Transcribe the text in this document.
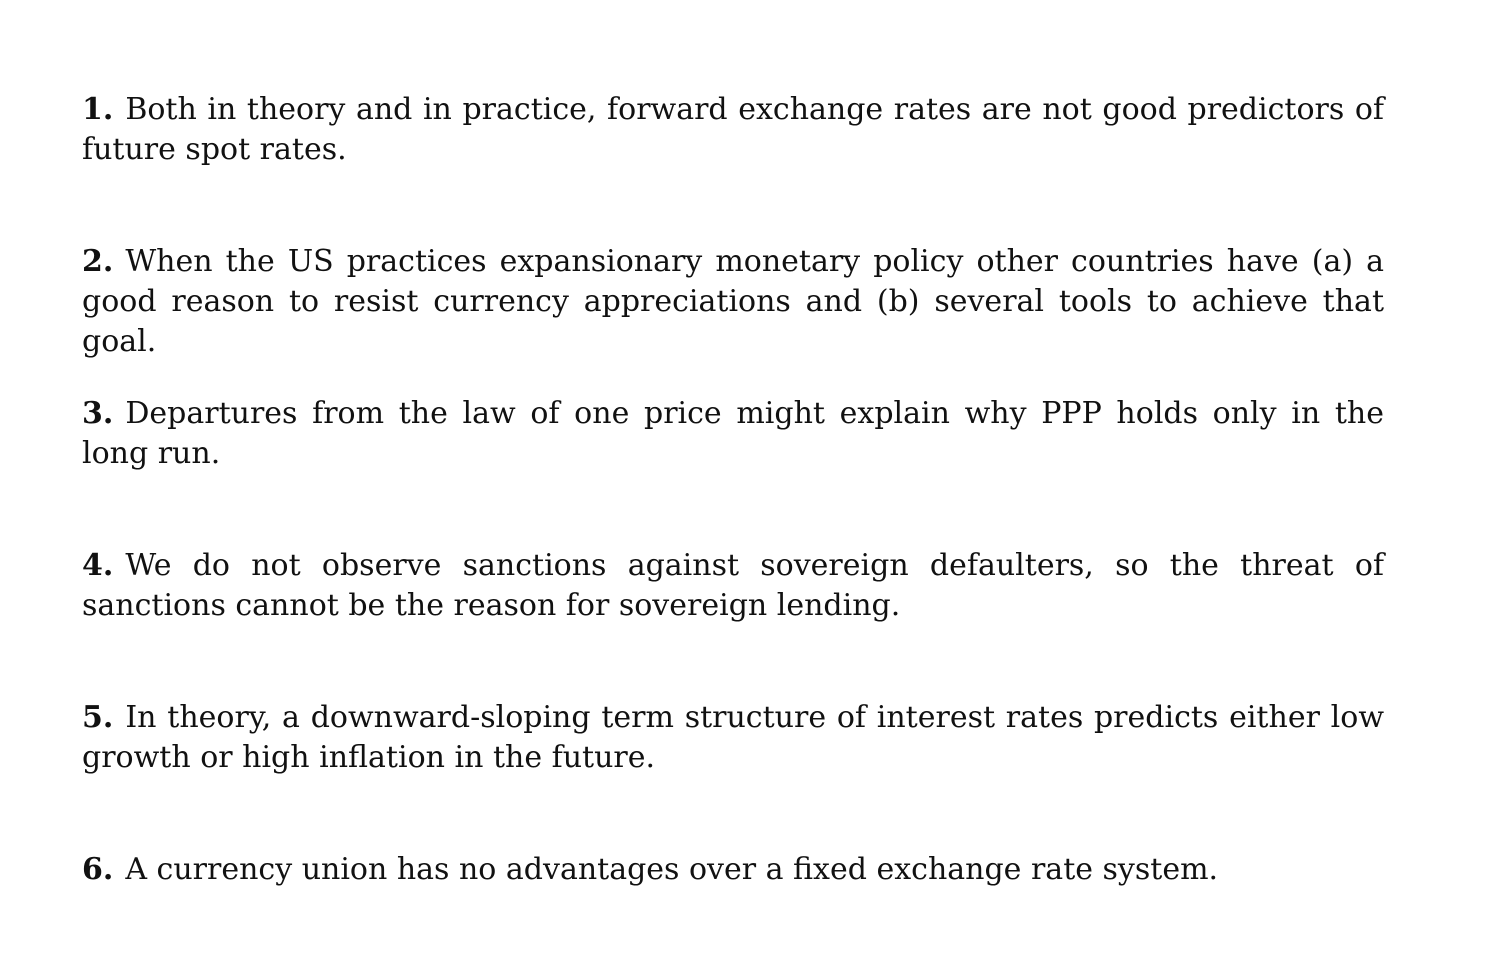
1. Both in theory and in practice, forward exchange rates are not good predictors of future spot rates.

2. When the US practices expansionary monetary policy other countries have (a) a good reason to resist currency appreciations and (b) several tools to achieve that goal.

3. Departures from the law of one price might explain why PPP holds only in the long run.

4. We do not observe sanctions against sovereign defaulters, so the threat of sanctions cannot be the reason for sovereign lending.

5. In theory, a downward-sloping term structure of interest rates predicts either low growth or high inflation in the future.

6. A currency union has no advantages over a fixed exchange rate system.
